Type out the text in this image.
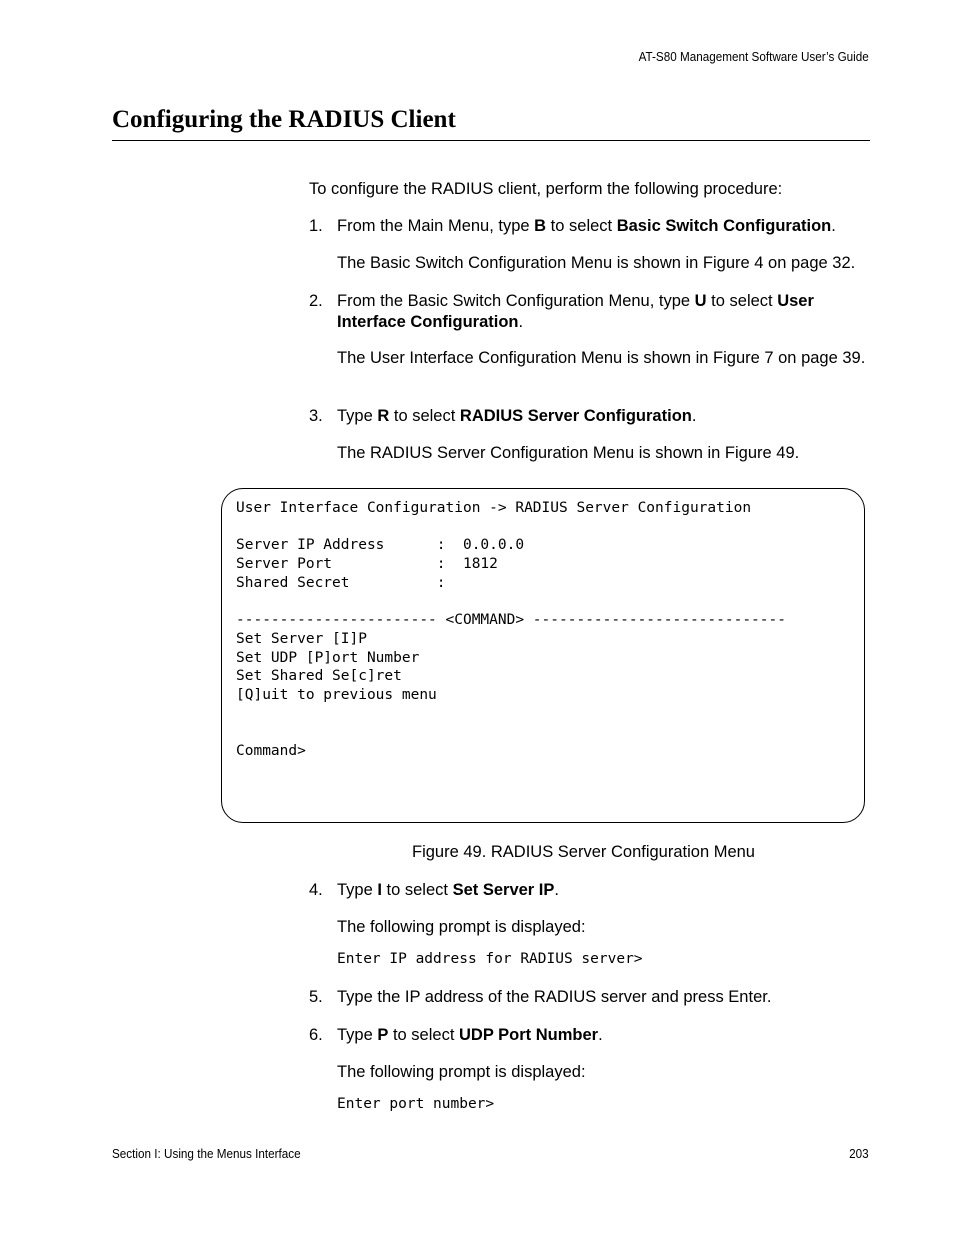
AT-S80 Management Software User’s Guide
Configuring the RADIUS Client

To configure the RADIUS client, perform the following procedure:

1. From the Main Menu, type B to select Basic Switch Configuration.

The Basic Switch Configuration Menu is shown in Figure 4 on page 32.

2. From the Basic Switch Configuration Menu, type U to select User Interface Configuration.

The User Interface Configuration Menu is shown in Figure 7 on page 39.

3. Type R to select RADIUS Server Configuration.

The RADIUS Server Configuration Menu is shown in Figure 49.

User Interface Configuration -> RADIUS Server Configuration
Server IP Address      :  0.0.0.0
Server Port            :  1812
Shared Secret          :
----------------------- <COMMAND> -----------------------------
Set Server [I]P
Set UDP [P]ort Number
Set Shared Se[c]ret
[Q]uit to previous menu
Command>
Figure 49. RADIUS Server Configuration Menu
4. Type I to select Set Server IP.

The following prompt is displayed:

Enter IP address for RADIUS server>
5. Type the IP address of the RADIUS server and press Enter.
6. Type P to select UDP Port Number.

The following prompt is displayed:

Enter port number>
Section I: Using the Menus Interface	203
